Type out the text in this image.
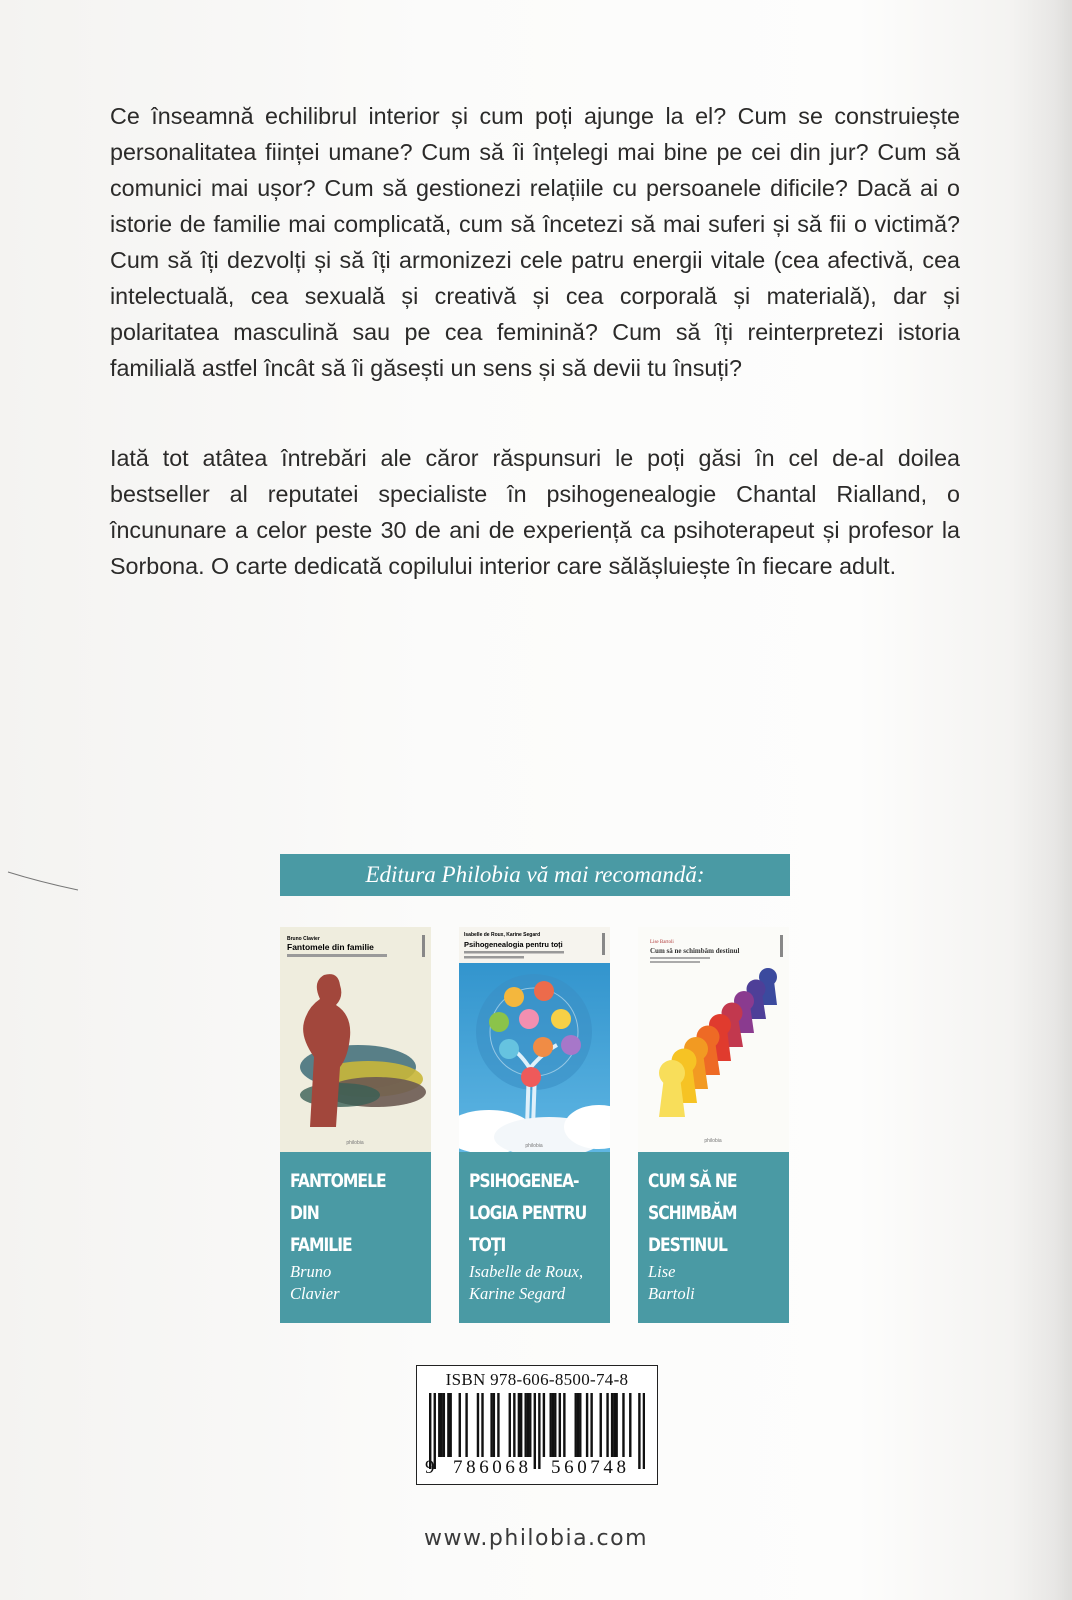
Ce înseamnă echilibrul interior și cum poți ajunge la el? Cum se construiește personalitatea ființei umane? Cum să îi înțelegi mai bine pe cei din jur? Cum să comunici mai ușor? Cum să gestionezi relațiile cu persoanele dificile? Dacă ai o istorie de familie mai complicată, cum să încetezi să mai suferi și să fii o victimă? Cum să îți dezvolți și să îți armonizezi cele patru energii vitale (cea afectivă, cea intelectuală, cea sexuală și creativă și cea corporală și materială), dar și polaritatea masculină sau pe cea feminină? Cum să îți reinterpretezi istoria familială astfel încât să îi găsești un sens și să devii tu însuți?

Iată tot atâtea întrebări ale căror răspunsuri le poți găsi în cel de-al doilea bestseller al reputatei specialiste în psihogenealogie Chantal Rialland, o încununare a celor peste 30 de ani de experiență ca psihoterapeut și profesor la Sorbona. O carte dedicată copilului interior care sălășluiește în fiecare adult.

Editura Philobia vă mai recomandă:
Bruno Clavier
Fantomele din familie
philobia
FANTOMELE
DIN
FAMILIE
Bruno
Clavier
Isabelle de Roux, Karine Segard
Psihogenealogia pentru toți
philobia
PSIHOGENEA-
LOGIA PENTRU
TOȚI
Isabelle de Roux,
Karine Segard
Lise Bartoli
Cum să ne schimbăm destinul
philobia
CUM SĂ NE
SCHIMBĂM
DESTINUL
Lise
Bartoli
ISBN 978-606-8500-74-8
9 786068 560748
www.philobia.com
